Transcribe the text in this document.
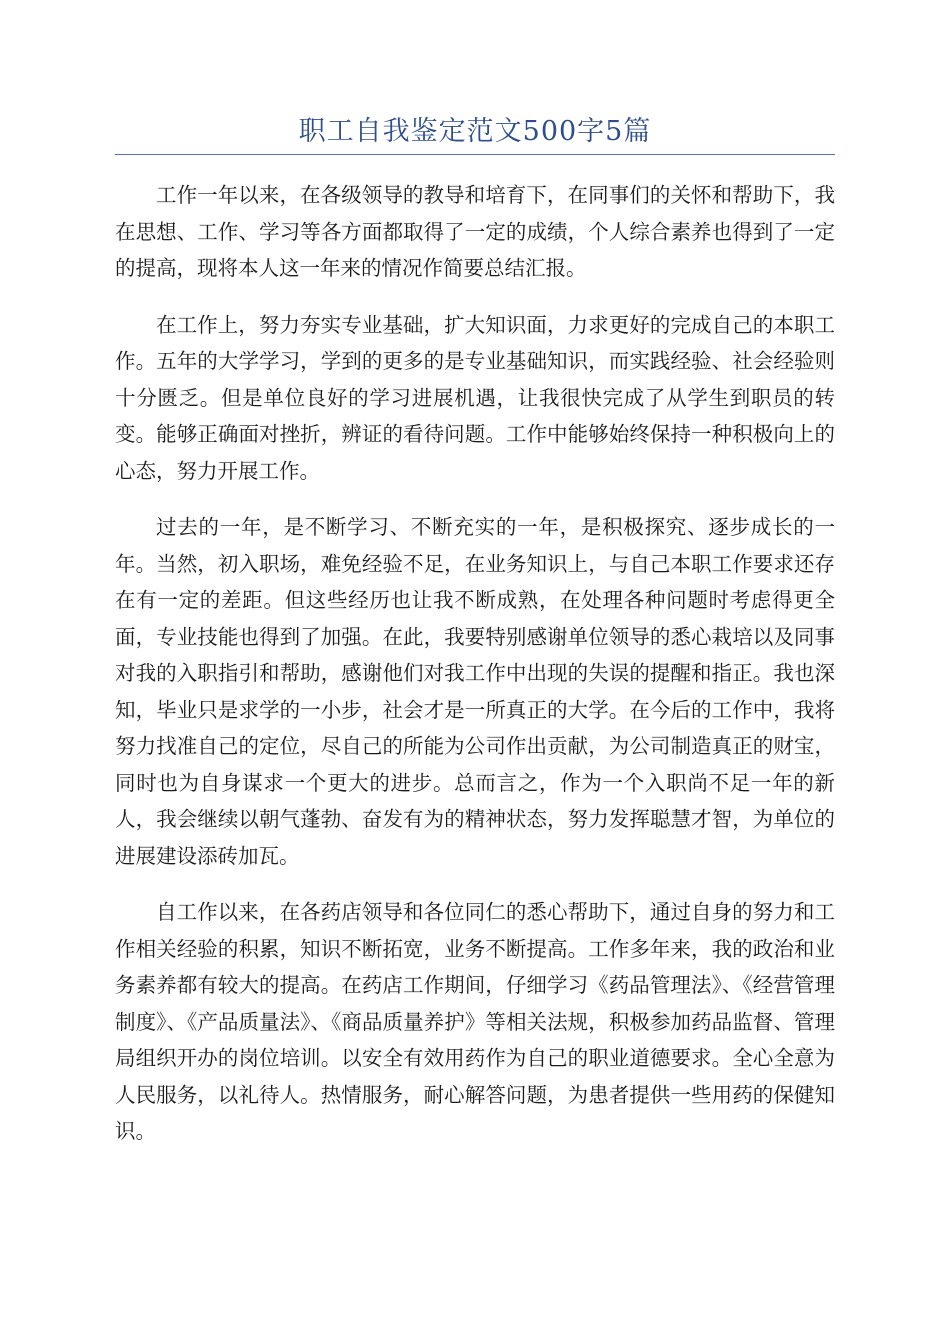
职工自我鉴定范文500字5篇

工作一年以来，在各级领导的教导和培育下，在同事们的关怀和帮助下，我在思想、工作、学习等各方面都取得了一定的成绩，个人综合素养也得到了一定的提高，现将本人这一年来的情况作简要总结汇报。

在工作上，努力夯实专业基础，扩大知识面，力求更好的完成自己的本职工作。五年的大学学习，学到的更多的是专业基础知识，而实践经验、社会经验则十分匮乏。但是单位良好的学习进展机遇，让我很快完成了从学生到职员的转变。能够正确面对挫折，辨证的看待问题。工作中能够始终保持一种积极向上的心态，努力开展工作。

过去的一年，是不断学习、不断充实的一年，是积极探究、逐步成长的一年。当然，初入职场，难免经验不足，在业务知识上，与自己本职工作要求还存在有一定的差距。但这些经历也让我不断成熟，在处理各种问题时考虑得更全面，专业技能也得到了加强。在此，我要特别感谢单位领导的悉心栽培以及同事对我的入职指引和帮助，感谢他们对我工作中出现的失误的提醒和指正。我也深知，毕业只是求学的一小步，社会才是一所真正的大学。在今后的工作中，我将努力找准自己的定位，尽自己的所能为公司作出贡献，为公司制造真正的财宝，同时也为自身谋求一个更大的进步。总而言之，作为一个入职尚不足一年的新人，我会继续以朝气蓬勃、奋发有为的精神状态，努力发挥聪慧才智，为单位的进展建设添砖加瓦。

自工作以来，在各药店领导和各位同仁的悉心帮助下，通过自身的努力和工作相关经验的积累，知识不断拓宽，业务不断提高。工作多年来，我的政治和业务素养都有较大的提高。在药店工作期间，仔细学习《药品管理法》、《经营管理制度》、《产品质量法》、《商品质量养护》等相关法规，积极参加药品监督、管理局组织开办的岗位培训。以安全有效用药作为自己的职业道德要求。全心全意为人民服务，以礼待人。热情服务，耐心解答问题，为患者提供一些用药的保健知识。
